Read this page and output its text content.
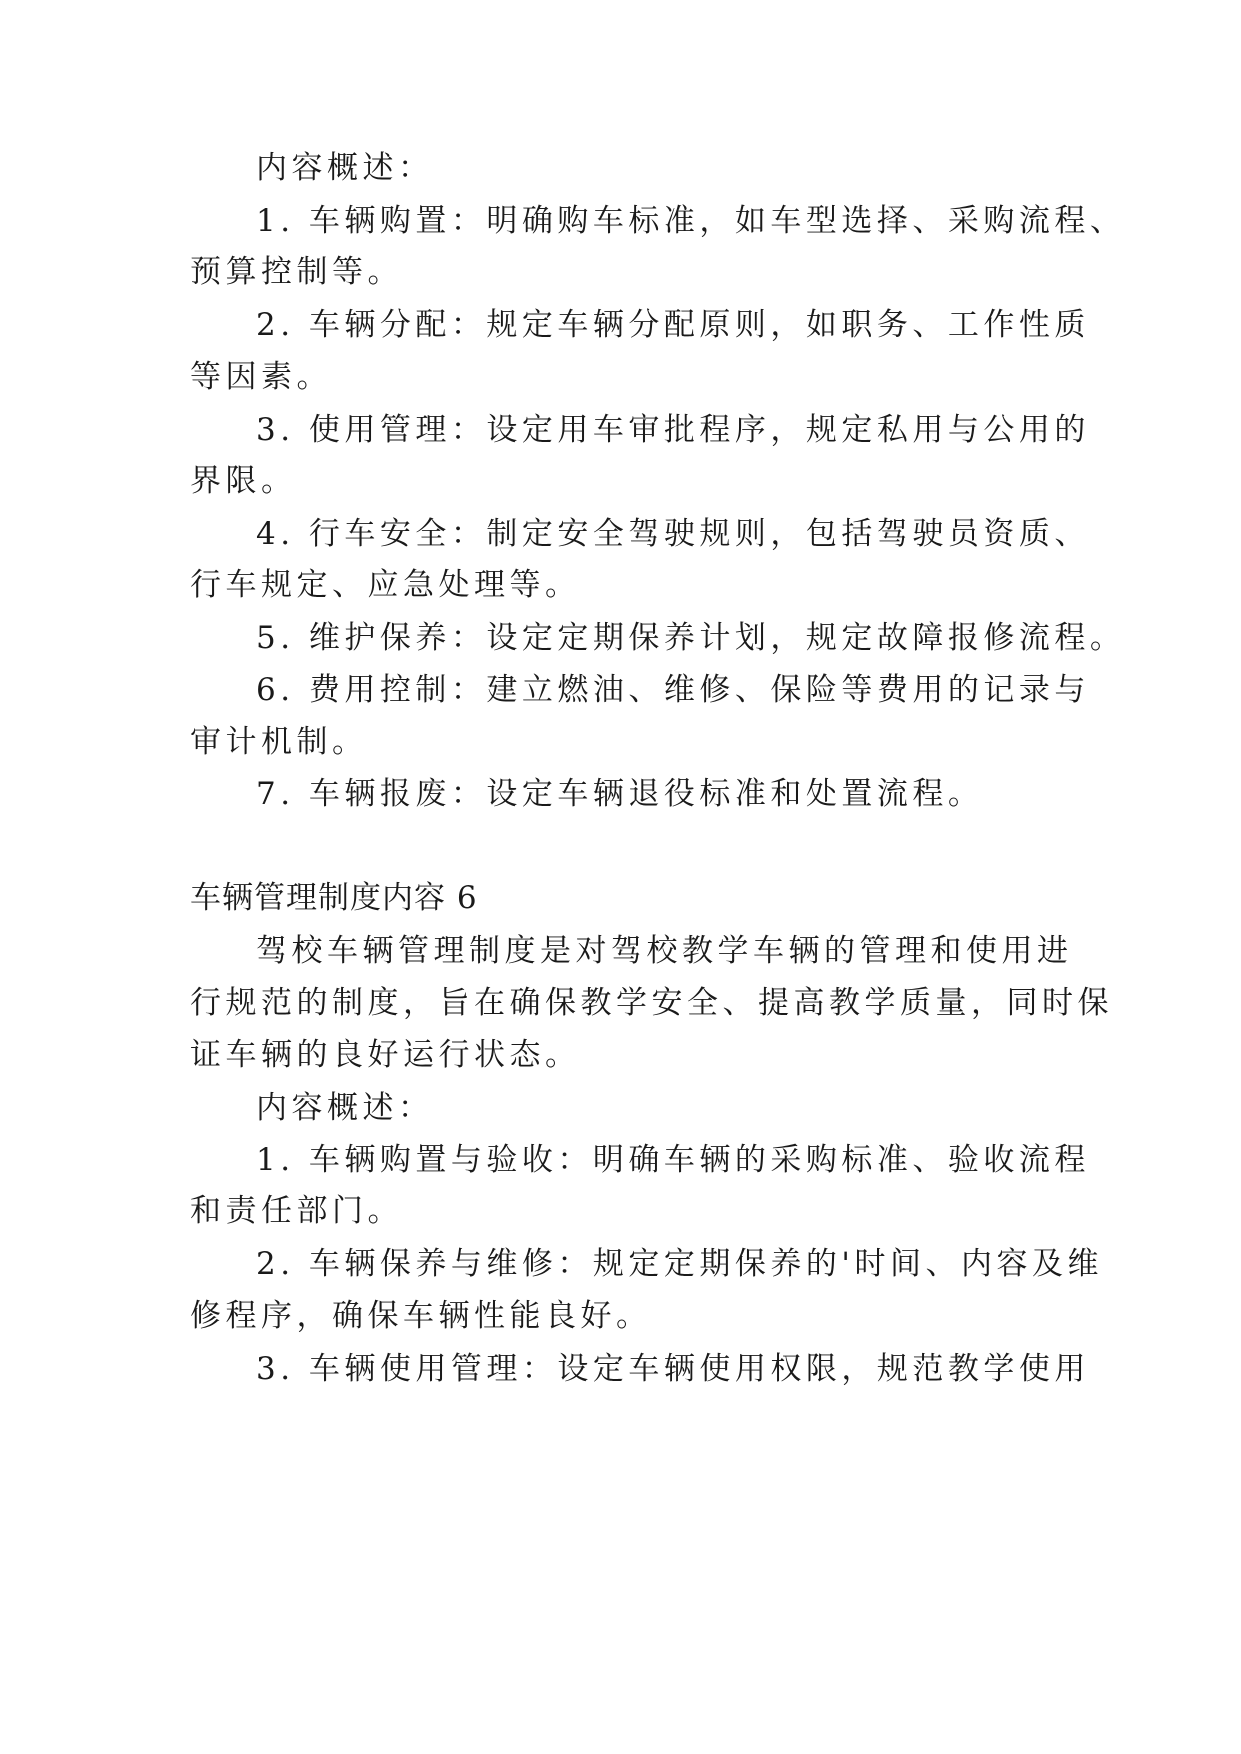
内容概述：
1. 车辆购置：明确购车标准，如车型选择、采购流程、
预算控制等。
2. 车辆分配：规定车辆分配原则，如职务、工作性质
等因素。
3. 使用管理：设定用车审批程序，规定私用与公用的
界限。
4. 行车安全：制定安全驾驶规则，包括驾驶员资质、
行车规定、应急处理等。
5. 维护保养：设定定期保养计划，规定故障报修流程。
6. 费用控制：建立燃油、维修、保险等费用的记录与
审计机制。
7. 车辆报废：设定车辆退役标准和处置流程。
车辆管理制度内容 6
驾校车辆管理制度是对驾校教学车辆的管理和使用进
行规范的制度，旨在确保教学安全、提高教学质量，同时保
证车辆的良好运行状态。
内容概述：
1. 车辆购置与验收：明确车辆的采购标准、验收流程
和责任部门。
2. 车辆保养与维修：规定定期保养的'时间、内容及维
修程序，确保车辆性能良好。
3. 车辆使用管理：设定车辆使用权限，规范教学使用
